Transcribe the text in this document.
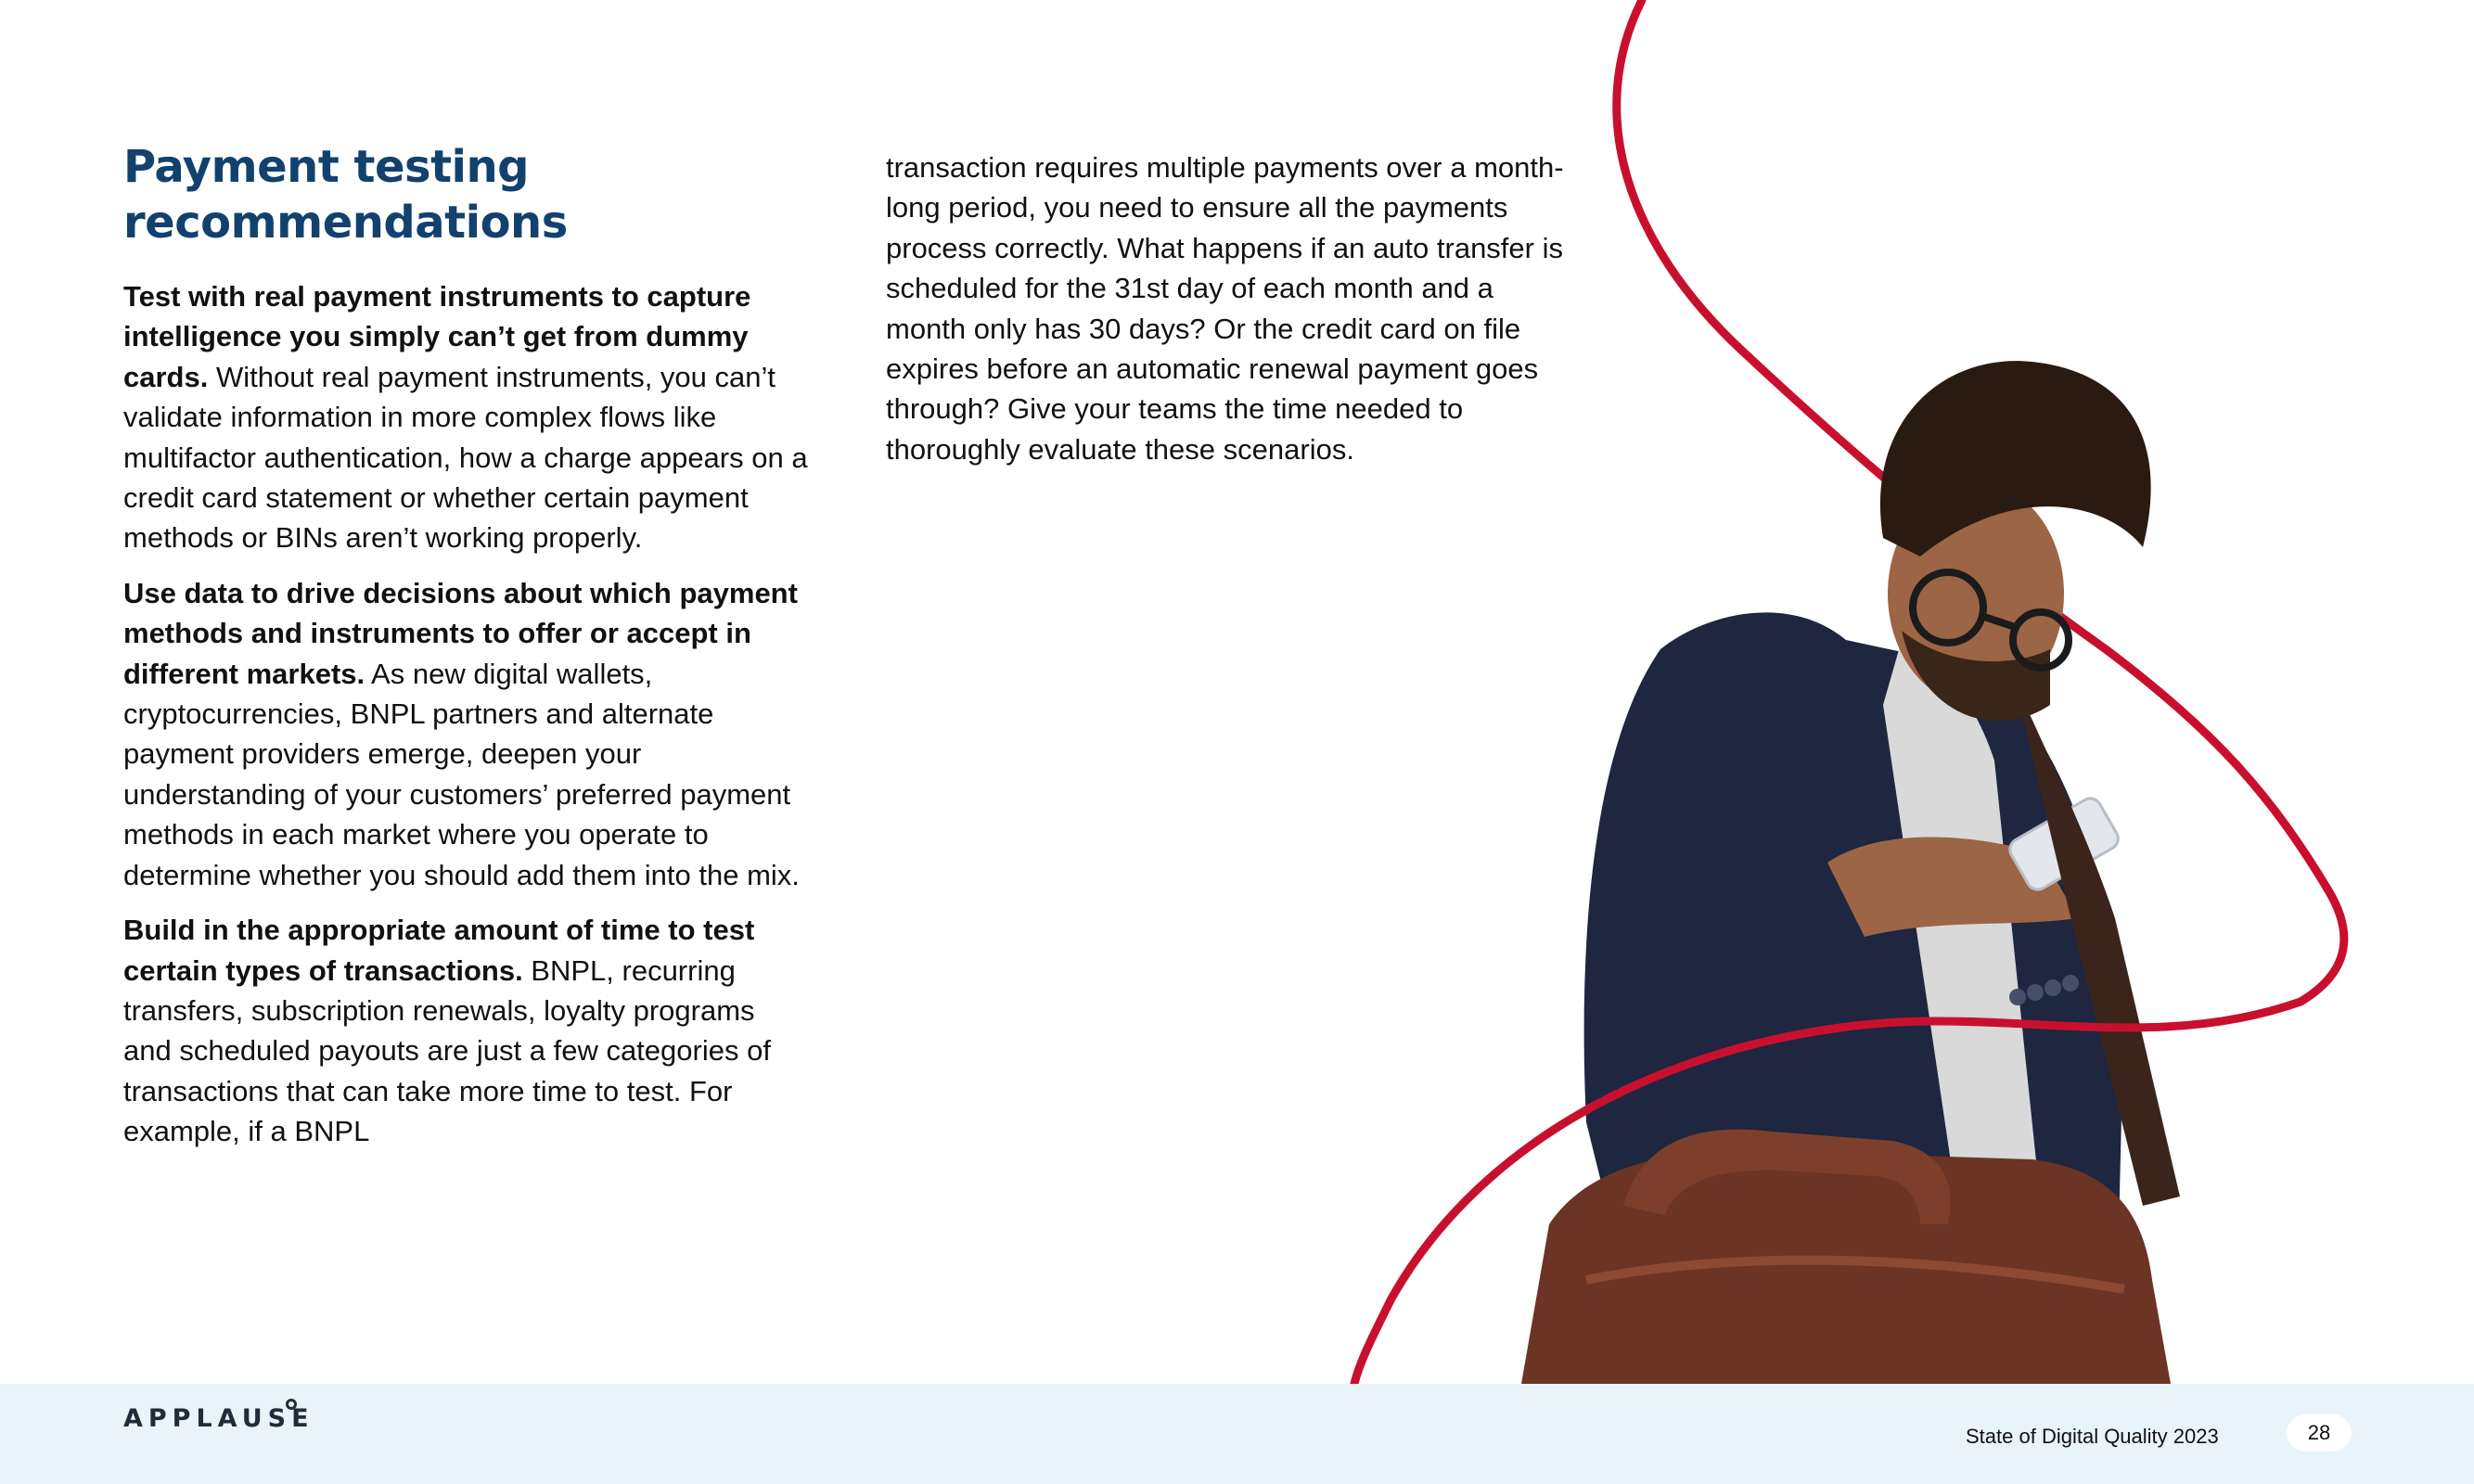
Payment testing
recommendations

Test with real payment instruments to capture intelligence you simply can’t get from dummy cards. Without real payment instruments, you can’t validate information in more complex flows like multifactor authentication, how a charge appears on a credit card statement or whether certain payment methods or BINs aren’t working properly.

Use data to drive decisions about which payment methods and instruments to offer or accept in different markets. As new digital wallets, cryptocurrencies, BNPL partners and alternate payment providers emerge, deepen your understanding of your customers’ preferred payment methods in each market where you operate to determine whether you should add them into the mix.

Build in the appropriate amount of time to test certain types of transactions. BNPL, recurring transfers, subscription renewals, loyalty programs and scheduled payouts are just a few categories of transactions that can take more time to test. For example, if a BNPL

transaction requires multiple payments over a month-long period, you need to ensure all the payments process correctly. What happens if an auto transfer is scheduled for the 31st day of each month and a month only has 30 days? Or the credit card on file expires before an automatic renewal payment goes through? Give your teams the time needed to thoroughly evaluate these scenarios.

APPLAUSE
State of Digital Quality 2023	28
